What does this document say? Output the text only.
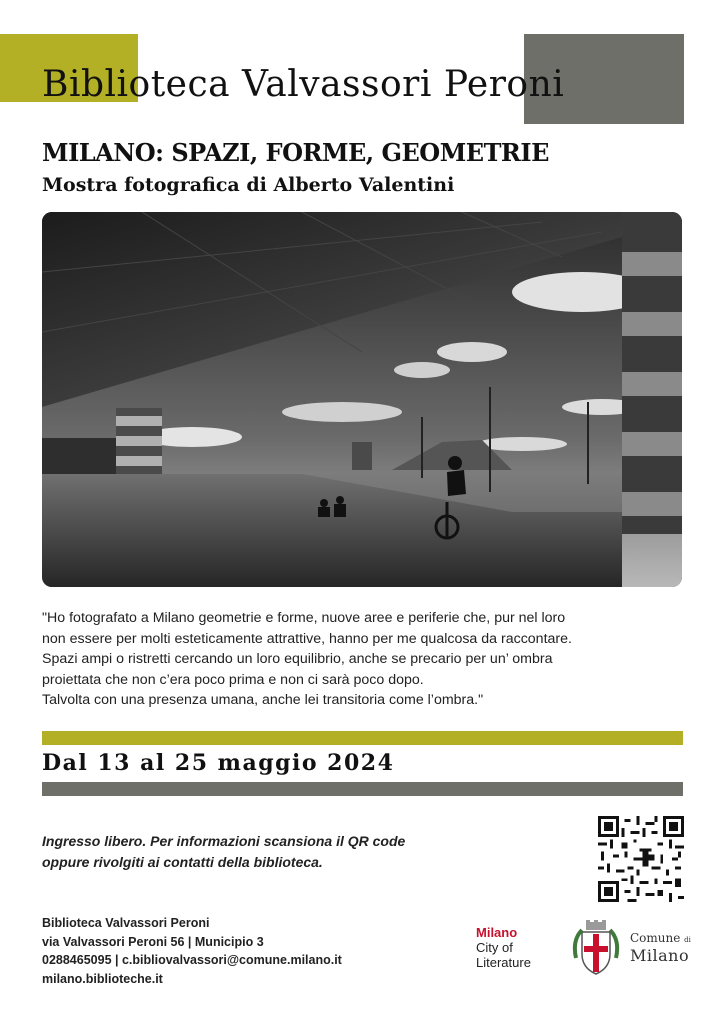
Biblioteca Valvassori Peroni
MILANO: SPAZI, FORME, GEOMETRIE
Mostra fotografica di Alberto Valentini

"Ho fotografato a Milano geometrie e forme, nuove aree e periferie che, pur nel loro

non essere per molti esteticamente attrattive, hanno per me qualcosa da raccontare.

Spazi ampi o ristretti cercando un loro equilibrio, anche se precario per un’ ombra

proiettata che non c’era poco prima e non ci sarà poco dopo.

Talvolta con una presenza umana, anche lei transitoria come l’ombra."

Dal 13 al 25 maggio 2024

Ingresso libero. Per informazioni scansiona il QR code

oppure rivolgiti ai contatti della biblioteca.

Biblioteca Valvassori Peroni

via Valvassori Peroni 56 | Municipio 3

0288465095 | c.bibliovalvassori@comune.milano.it

milano.biblioteche.it

Milano
City of
Literature
Comune di
Milano
